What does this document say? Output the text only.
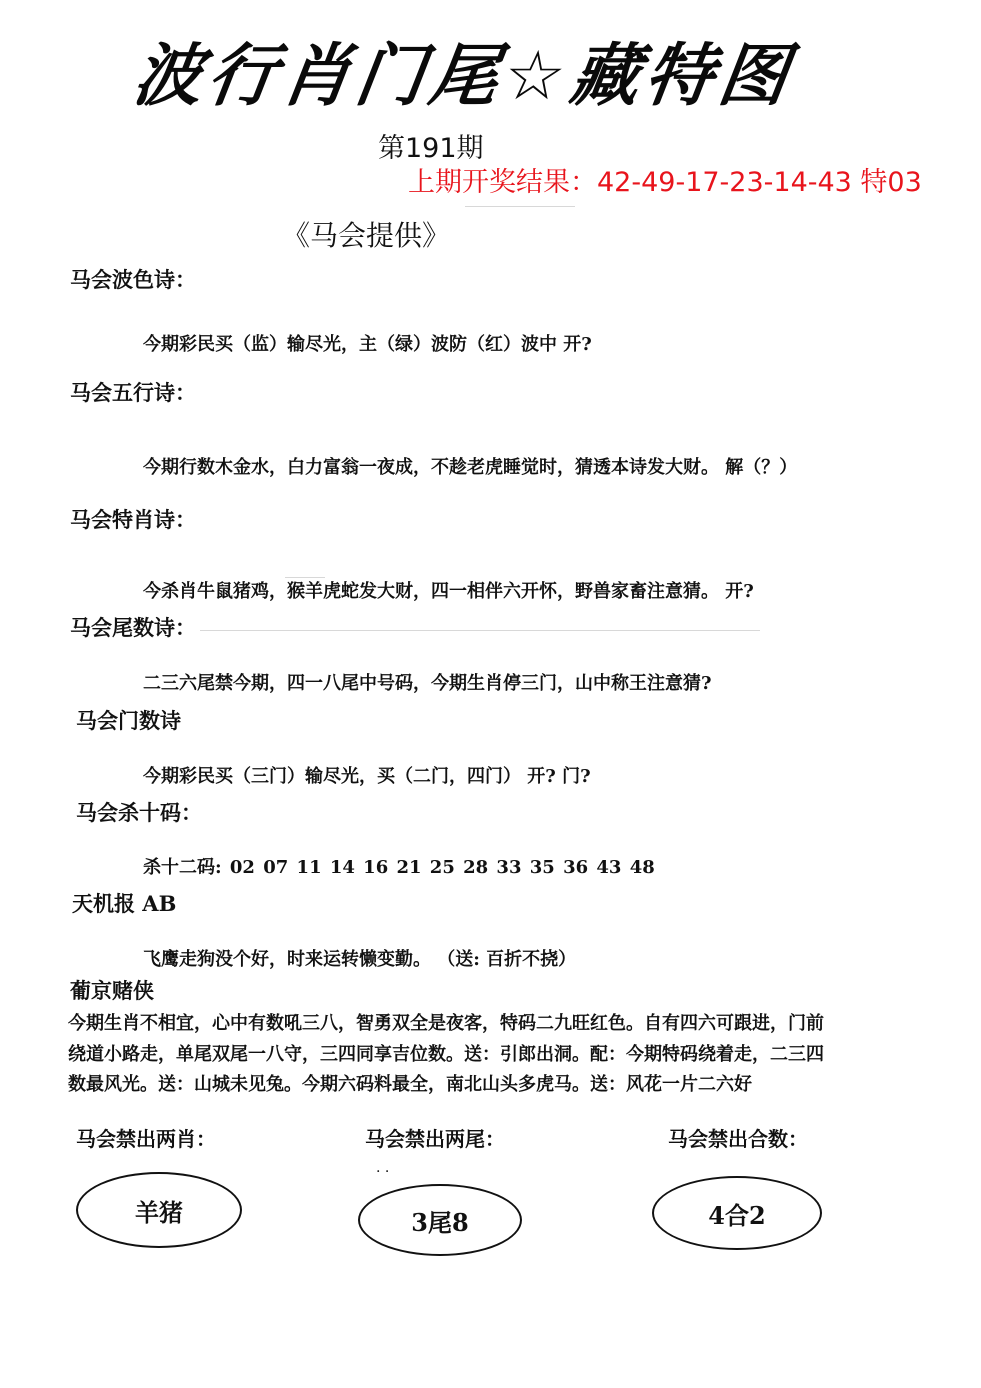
波行肖门尾☆藏特图
第191期
上期开奖结果：42-49-17-23-14-43 特03
《马会提供》
马会波色诗：
今期彩民买（监）输尽光，主（绿）波防（红）波中 开?
马会五行诗：
今期行数木金水，白力富翁一夜成，不趁老虎睡觉时，猜透本诗发大财。 解（？）
马会特肖诗：
今杀肖牛鼠猪鸡，猴羊虎蛇发大财，四一相伴六开怀，野兽家畜注意猜。 开?
马会尾数诗：
二三六尾禁今期，四一八尾中号码，今期生肖停三门，山中称王注意猜?
马会门数诗
今期彩民买（三门）输尽光，买（二门，四门） 开? 门?
马会杀十码：
杀十二码: 02 07 11 14 16 21 25 28 33 35 36 43 48
天机报 AB
飞鹰走狗没个好，时来运转懒变勤。 （送: 百折不挠）
葡京赌侠
今期生肖不相宜，心中有数吼三八，智勇双全是夜客，特码二九旺红色。自有四六可跟进，门前
绕道小路走，单尾双尾一八守，三四同享吉位数。送：引郎出洞。配：今期特码绕着走，二三四
数最风光。送：山城未见兔。今期六码料最全，南北山头多虎马。送：风花一片二六好
马会禁出两肖：	马会禁出两尾：	马会禁出合数：
. .
羊猪	3尾8	4合2
